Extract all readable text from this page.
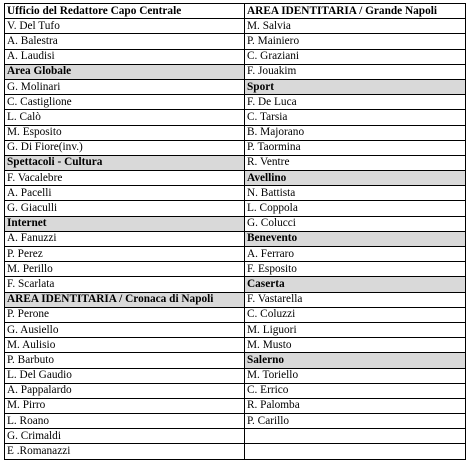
Ufficio del Redattore Capo Centrale	AREA IDENTITARIA / Grande Napoli
V. Del Tufo	M. Salvia
A. Balestra	P. Mainiero
A. Laudisi	C. Graziani
Area Globale	F. Jouakim
G. Molinari	Sport
C. Castiglione	F. De Luca
L. Calò	C. Tarsia
M. Esposito	B. Majorano
G. Di Fiore(inv.)	P. Taormina
Spettacoli - Cultura	R. Ventre
F. Vacalebre	Avellino
A. Pacelli	N. Battista
G. Giaculli	L. Coppola
Internet	G. Colucci
A. Fanuzzi	Benevento
P. Perez	A. Ferraro
M. Perillo	F. Esposito
F. Scarlata	Caserta
AREA IDENTITARIA / Cronaca di Napoli	F. Vastarella
P. Perone	C. Coluzzi
G. Ausiello	M. Liguori
M. Aulisio	M. Musto
P. Barbuto	Salerno
L. Del Gaudio	M. Toriello
A. Pappalardo	C. Errico
M. Pirro	R. Palomba
L. Roano	P. Carillo
G. Crimaldi	
E .Romanazzi	
